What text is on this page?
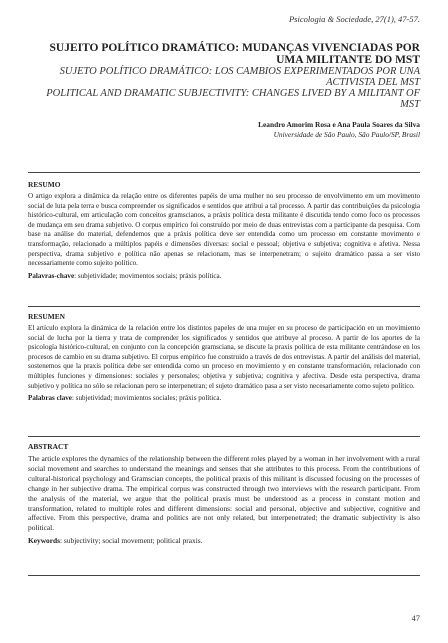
Psicologia & Sociedade, 27(1), 47-57.
SUJEITO POLÍTICO DRAMÁTICO: MUDANÇAS VIVENCIADAS POR UMA MILITANTE DO MST
SUJETO POLÍTICO DRAMÁTICO: LOS CAMBIOS EXPERIMENTADOS POR UNA ACTIVISTA DEL MST
POLITICAL AND DRAMATIC SUBJECTIVITY: CHANGES LIVED BY A MILITANT OF MST
Leandro Amorim Rosa e Ana Paula Soares da Silva
Universidade de São Paulo, São Paulo/SP, Brasil
RESUMO
O artigo explora a dinâmica da relação entre os diferentes papéis de uma mulher no seu processo de envolvimento em um movimento social de luta pela terra e busca compreender os significados e sentidos que atribui a tal processo. A partir das contribuições da psicologia histórico-cultural, em articulação com conceitos gramscianos, a práxis política desta militante é discutida tendo como foco os processos de mudança em seu drama subjetivo. O corpus empírico foi construído por meio de duas entrevistas com a participante da pesquisa. Com base na análise do material, defendemos que a práxis política deve ser entendida como um processo em constante movimento e transformação, relacionado a múltiplos papéis e dimensões diversas: social e pessoal; objetiva e subjetiva; cognitiva e afetiva. Nessa perspectiva, drama subjetivo e política não apenas se relacionam, mas se interpenetram; o sujeito dramático passa a ser visto necessariamente como sujeito político.
Palavras-chave: subjetividade; movimentos sociais; práxis política.
RESUMEN
El artículo explora la dinámica de la relación entre los distintos papeles de una mujer en su proceso de participación en un movimiento social de lucha por la tierra y trata de comprender los significados y sentidos que atribuye al proceso. A partir de los aportes de la psicología histórico-cultural, en conjunto con la concepción gramsciana, se discute la praxis política de esta militante centrándose en los procesos de cambio en su drama subjetivo. El corpus empírico fue construido a través de dos entrevistas. A partir del análisis del material, sostenemos que la praxis política debe ser entendida como un proceso en movimiento y en constante transformación, relacionado con múltiples funciones y dimensiones: sociales y personales; objetiva y subjetiva; cognitiva y afectiva. Desde esta perspectiva, drama subjetivo y política no sólo se relacionan pero se interpenetran; el sujeto dramático pasa a ser visto necesariamente como sujeto político.
Palabras clave: subjetividad; movimientos sociales; práxis política.
ABSTRACT
The article explores the dynamics of the relationship between the different roles played by a woman in her involvement with a rural social movement and searches to understand the meanings and senses that she attributes to this process. From the contributions of cultural-historical psychology and Gramscian concepts, the political praxis of this militant is discussed focusing on the processes of change in her subjective drama. The empirical corpus was constructed through two interviews with the research participant. From the analysis of the material, we argue that the political praxis must be understood as a process in constant motion and transformation, related to multiple roles and different dimensions: social and personal, objective and subjective, cognitive and affective. From this perspective, drama and politics are not only related, but interpenetrated; the dramatic subjectivity is also political.
Keywords: subjectivity; social movement; political praxis.
47
